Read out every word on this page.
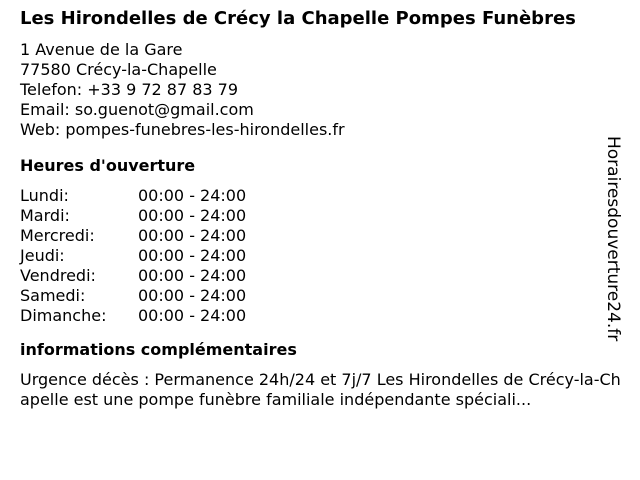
Les Hirondelles de Crécy la Chapelle Pompes Funèbres
1 Avenue de la Gare
77580 Crécy-la-Chapelle
Telefon: +33 9 72 87 83 79
Email: so.guenot@gmail.com
Web: pompes-funebres-les-hirondelles.fr
Heures d'ouverture
Lundi:	00:00 - 24:00
Mardi:	00:00 - 24:00
Mercredi:	00:00 - 24:00
Jeudi:	00:00 - 24:00
Vendredi:	00:00 - 24:00
Samedi:	00:00 - 24:00
Dimanche:	00:00 - 24:00
informations complémentaires
Urgence décès : Permanence 24h/24 et 7j/7 Les Hirondelles de Crécy-la-Chapelle est une pompe funèbre familiale indépendante spéciali...
Horairesdouverture24.fr
